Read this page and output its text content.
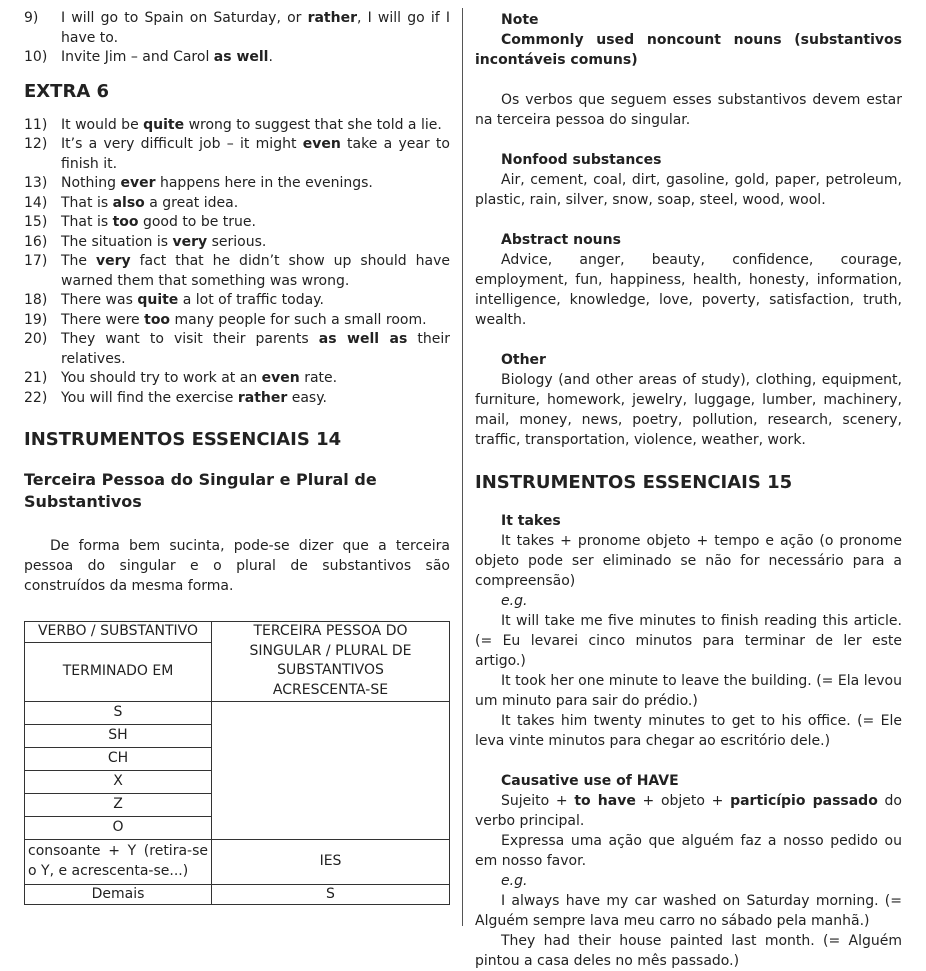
9)	I will go to Spain on Saturday, or rather, I will go if I have to.
10) Invite Jim – and Carol as well.
EXTRA 6
11) It would be quite wrong to suggest that she told a lie.
12) It’s a very difficult job – it might even take a year to finish it.
13) Nothing ever happens here in the evenings.
14) That is also a great idea.
15) That is too good to be true.
16) The situation is very serious.
17) The very fact that he didn’t show up should have warned them that something was wrong.
18) There was quite a lot of traffic today.
19) There were too many people for such a small room.
20) They want to visit their parents as well as their relatives.
21) You should try to work at an even rate.
22) You will find the exercise rather easy.
INSTRUMENTOS ESSENCIAIS 14
Terceira Pessoa do Singular e Plural de Substantivos

De forma bem sucinta, pode-se dizer que a terceira pessoa do singular e o plural de substantivos são construídos da mesma forma.

VERBO / SUBSTANTIVO	TERCEIRA PESSOA DO SINGULAR / PLURAL DE SUBSTANTIVOS ACRESCENTA-SE
TERMINADO EM	
S	
SH	
CH	
X	
Z	
O	
consoante + Y (retira-se o Y, e acrescenta-se...)	IES
Demais	S

Note

Commonly used noncount nouns (substantivos incontáveis comuns)

Os verbos que seguem esses substantivos devem estar na terceira pessoa do singular.

Nonfood substances

Air, cement, coal, dirt, gasoline, gold, paper, petroleum, plastic, rain, silver, snow, soap, steel, wood, wool.

Abstract nouns

Advice, anger, beauty, confidence, courage, employment, fun, happiness, health, honesty, information, intelligence, knowledge, love, poverty, satisfaction, truth, wealth.

Other

Biology (and other areas of study), clothing, equipment, furniture, homework, jewelry, luggage, lumber, machinery, mail, money, news, poetry, pollution, research, scenery, traffic, transportation, violence, weather, work.

INSTRUMENTOS ESSENCIAIS 15

It takes

It takes + pronome objeto + tempo e ação (o pronome objeto pode ser eliminado se não for necessário para a compreensão)

e.g.

It will take me five minutes to finish reading this article. (= Eu levarei cinco minutos para terminar de ler este artigo.)

It took her one minute to leave the building. (= Ela levou um minuto para sair do prédio.)

It takes him twenty minutes to get to his office. (= Ele leva vinte minutos para chegar ao escritório dele.)

Causative use of HAVE

Sujeito + to have + objeto + particípio passado do verbo principal.

Expressa uma ação que alguém faz a nosso pedido ou em nosso favor.

e.g.

I always have my car washed on Saturday morning. (= Alguém sempre lava meu carro no sábado pela manhã.)

They had their house painted last month. (= Alguém pintou a casa deles no mês passado.)
